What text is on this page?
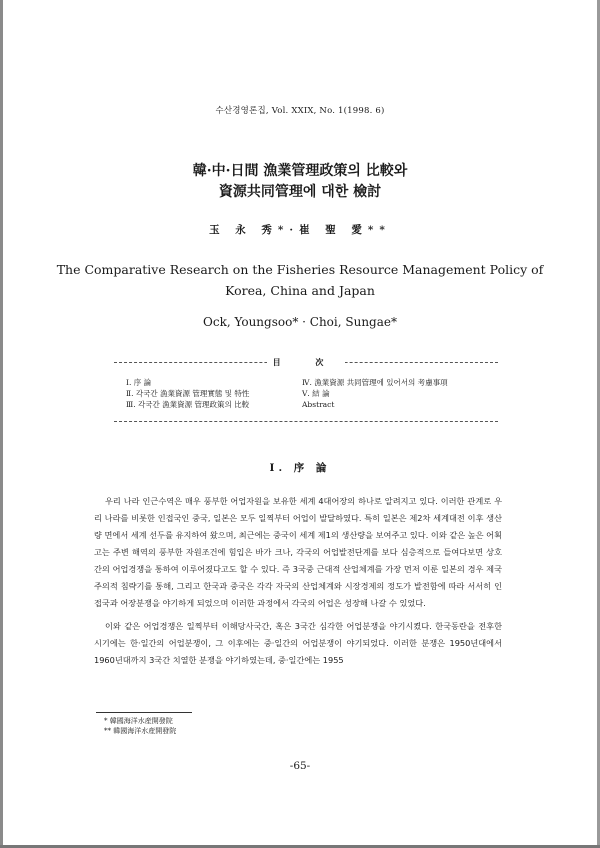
수산경영론집, Vol. XXIX, No. 1(1998. 6)
韓·中·日間 漁業管理政策의 比較와
資源共同管理에 대한 檢討
玉 永 秀*·崔 聖 愛**
The Comparative Research on the Fisheries Resource Management Policy of
Korea, China and Japan
Ock, Youngsoo* · Choi, Sungae*
目 次
Ⅰ. 序 論
Ⅱ. 각국간 漁業資源 管理實態 및 特性
Ⅲ. 각국간 漁業資源 管理政策의 比較
Ⅳ. 漁業資源 共同管理에 있어서의 考慮事項
Ⅴ. 結 論
Abstract
Ⅰ. 序 論

우리 나라 인근수역은 매우 풍부한 어업자원을 보유한 세계 4대어장의 하나로 알려지고 있다. 이러한 관계로 우리 나라를 비롯한 인접국인 중국, 일본은 모두 일찍부터 어업이 발달하였다. 특히 일본은 제2차 세계대전 이후 생산량 면에서 세계 선두를 유지하여 왔으며, 최근에는 중국이 세계 제1의 생산량을 보여주고 있다. 이와 같은 높은 어획고는 주변 해역의 풍부한 자원조건에 힘입은 바가 크나, 각국의 어업발전단계를 보다 심층적으로 들여다보면 상호간의 어업경쟁을 통하여 이루어졌다고도 할 수 있다. 즉 3국중 근대적 산업체계를 가장 먼저 이룬 일본의 경우 제국주의적 침략기를 통해, 그리고 한국과 중국은 각각 자국의 산업체계와 시장경제의 정도가 발전함에 따라 서서히 인접국과 어장분쟁을 야기하게 되었으며 이러한 과정에서 각국의 어업은 성장해 나갈 수 있었다.

이와 같은 어업경쟁은 일찍부터 이해당사국간, 혹은 3국간 심각한 어업분쟁을 야기시켰다. 한국동란을 전후한 시기에는 한·일간의 어업분쟁이, 그 이후에는 중·일간의 어업분쟁이 야기되었다. 이러한 분쟁은 1950년대에서 1960년대까지 3국간 치열한 분쟁을 야기하였는데, 중·일간에는 1955

* 韓國海洋水産開發院
** 韓國海洋水産開發院
-65-
